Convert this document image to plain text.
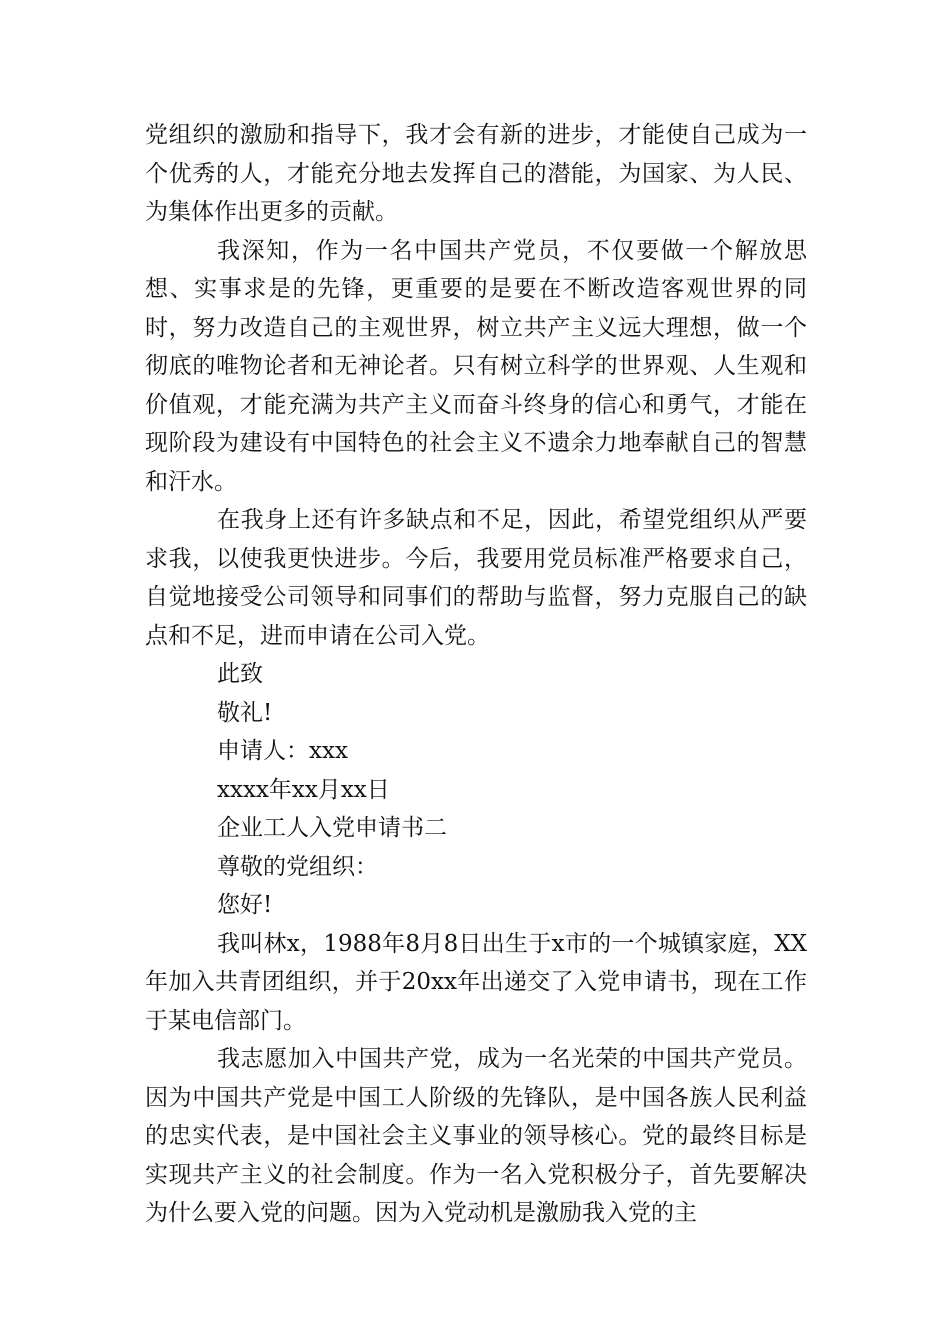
党组织的激励和指导下，我才会有新的进步，才能使自己成为一个优秀的人，才能充分地去发挥自己的潜能，为国家、为人民、为集体作出更多的贡献。

我深知，作为一名中国共产党员，不仅要做一个解放思想、实事求是的先锋，更重要的是要在不断改造客观世界的同时，努力改造自己的主观世界，树立共产主义远大理想，做一个彻底的唯物论者和无神论者。只有树立科学的世界观、人生观和价值观，才能充满为共产主义而奋斗终身的信心和勇气，才能在现阶段为建设有中国特色的社会主义不遗余力地奉献自己的智慧和汗水。

在我身上还有许多缺点和不足，因此，希望党组织从严要求我，以使我更快进步。今后，我要用党员标准严格要求自己，自觉地接受公司领导和同事们的帮助与监督，努力克服自己的缺点和不足，进而申请在公司入党。

此致

敬礼!

申请人：xxx

xxxx年xx月xx日

企业工人入党申请书二

尊敬的党组织：

您好!

我叫林x，1988年8月8日出生于x市的一个城镇家庭，XX年加入共青团组织，并于20xx年出递交了入党申请书，现在工作于某电信部门。

我志愿加入中国共产党，成为一名光荣的中国共产党员。因为中国共产党是中国工人阶级的先锋队，是中国各族人民利益的忠实代表，是中国社会主义事业的领导核心。党的最终目标是实现共产主义的社会制度。作为一名入党积极分子，首先要解决为什么要入党的问题。因为入党动机是激励我入党的主
